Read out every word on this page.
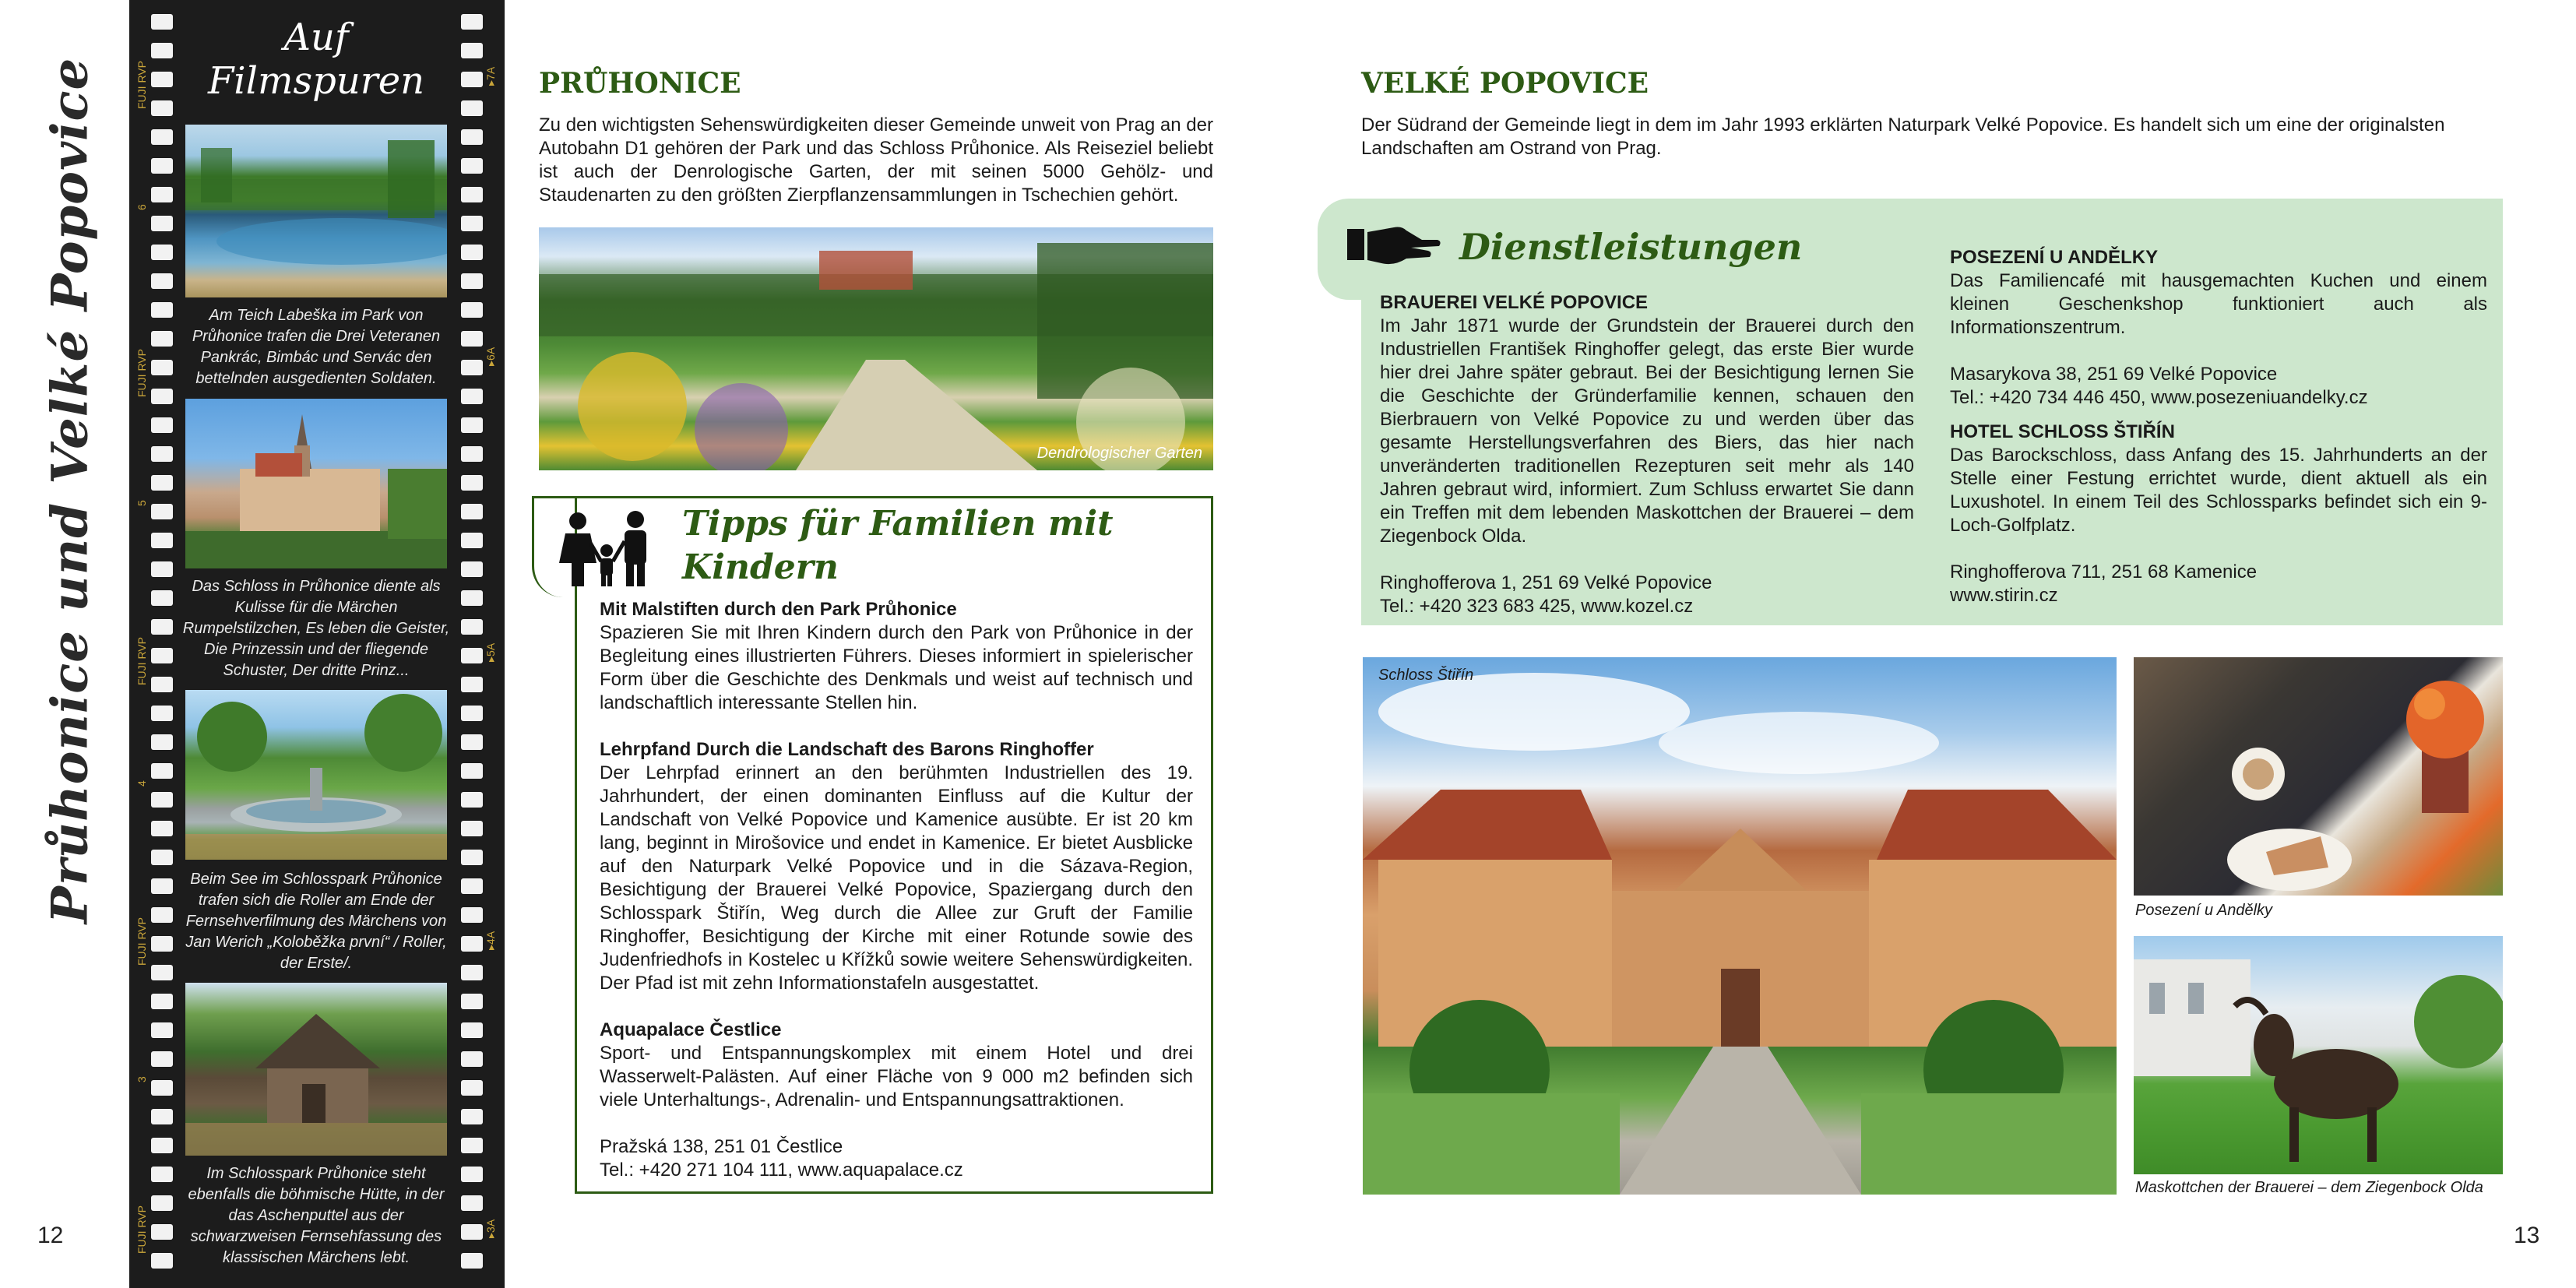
Průhonice und Velké Popovice
12
Auf
Filmspuren
Am Teich Labeška im Park von Průhonice trafen die Drei Veteranen Pankrác, Bimbác und Servác den bettelnden ausgedienten Soldaten.
Das Schloss in Průhonice diente als Kulisse für die Märchen Rumpelstilzchen, Es leben die Geister, Die Prinzessin und der fliegende Schuster, Der dritte Prinz...
Beim See im Schlosspark Průhonice trafen sich die Roller am Ende der Fernsehverfilmung des Märchens von Jan Werich „Koloběžka první“ / Roller, der Erste/.
Im Schlosspark Průhonice steht ebenfalls die böhmische Hütte, in der das Aschenputtel aus der schwarzweisen Fernsehfassung des klassischen Märchens lebt.
FUJI RVP
FUJI RVP
FUJI RVP
FUJI RVP
FUJI RVP
6
5
4
3
▸7A
▸6A
▸5A
▸4A
▸3A
PRŮHONICE
Zu den wichtigsten Sehenswürdigkeiten dieser Gemeinde unweit von Prag an der Autobahn D1 gehören der Park und das Schloss Průhonice. Als Reiseziel beliebt ist auch der Denrologische Garten, der mit seinen 5000 Gehölz- und Staudenarten zu den größten Zierpflanzensammlungen in Tschechien gehört.
Dendrologischer Garten
Tipps für Familien mit Kindern
Mit Malstiften durch den Park Průhonice
Spazieren Sie mit Ihren Kindern durch den Park von Průhonice in der Begleitung eines illustrierten Führers. Dieses informiert in spielerischer Form über die Geschichte des Denkmals und weist auf technisch und landschaftlich interessante Stellen hin.
Lehrpfand Durch die Landschaft des Barons Ringhoffer
Der Lehrpfad erinnert an den berühmten Industriellen des 19. Jahrhundert, der einen dominanten Einfluss auf die Kultur der Landschaft von Velké Popovice und Kamenice ausübte. Er ist 20 km lang, beginnt in Mirošovice und endet in Kamenice. Er bietet Ausblicke auf den Naturpark Velké Popovice und in die Sázava-Region, Besichtigung der Brauerei Velké Popovice, Spaziergang durch den Schlosspark Štiřín, Weg durch die Allee zur Gruft der Familie Ringhoffer, Besichtigung der Kirche mit einer Rotunde sowie des Judenfriedhofs in Kostelec u Křížků sowie weitere Sehenswürdigkeiten. Der Pfad ist mit zehn Informationstafeln ausgestattet.
Aquapalace Čestlice
Sport- und Entspannungskomplex mit einem Hotel und drei Wasserwelt-Palästen. Auf einer Fläche von 9 000 m2 befinden sich viele Unterhaltungs-, Adrenalin- und Entspannungsattraktionen.
Pražská 138, 251 01 Čestlice
Tel.: +420 271 104 111, www.aquapalace.cz
VELKÉ POPOVICE
Der Südrand der Gemeinde liegt in dem im Jahr 1993 erklärten Naturpark Velké Popovice. Es handelt sich um eine der originalsten Landschaften am Ostrand von Prag.
Dienstleistungen
BRAUEREI VELKÉ POPOVICE
Im Jahr 1871 wurde der Grundstein der Brauerei durch den Industriellen František Ringhoffer gelegt, das erste Bier wurde hier drei Jahre später gebraut. Bei der Besichtigung lernen Sie die Geschichte der Gründerfamilie kennen, schauen den Bierbrauern von Velké Popovice zu und werden über das gesamte Herstellungsverfahren des Biers, das hier nach unveränderten traditionellen Rezepturen seit mehr als 140 Jahren gebraut wird, informiert. Zum Schluss erwartet Sie dann ein Treffen mit dem lebenden Maskottchen der Brauerei – dem Ziegenbock Olda.
Ringhofferova 1, 251 69 Velké Popovice
Tel.: +420 323 683 425, www.kozel.cz
POSEZENÍ U ANDĚLKY
Das Familiencafé mit hausgemachten Kuchen und einem kleinen Geschenkshop funktioniert auch als Informationszentrum.
Masarykova 38, 251 69 Velké Popovice
Tel.: +420 734 446 450, www.posezeniuandelky.cz
HOTEL SCHLOSS ŠTIŘÍN
Das Barockschloss, dass Anfang des 15. Jahrhunderts an der Stelle einer Festung errichtet wurde, dient aktuell als ein Luxushotel. In einem Teil des Schlossparks befindet sich ein 9-Loch-Golfplatz.
Ringhofferova 711, 251 68 Kamenice
www.stirin.cz
Schloss Štiřín
Posezení u Andělky
Maskottchen der Brauerei – dem Ziegenbock Olda
13
